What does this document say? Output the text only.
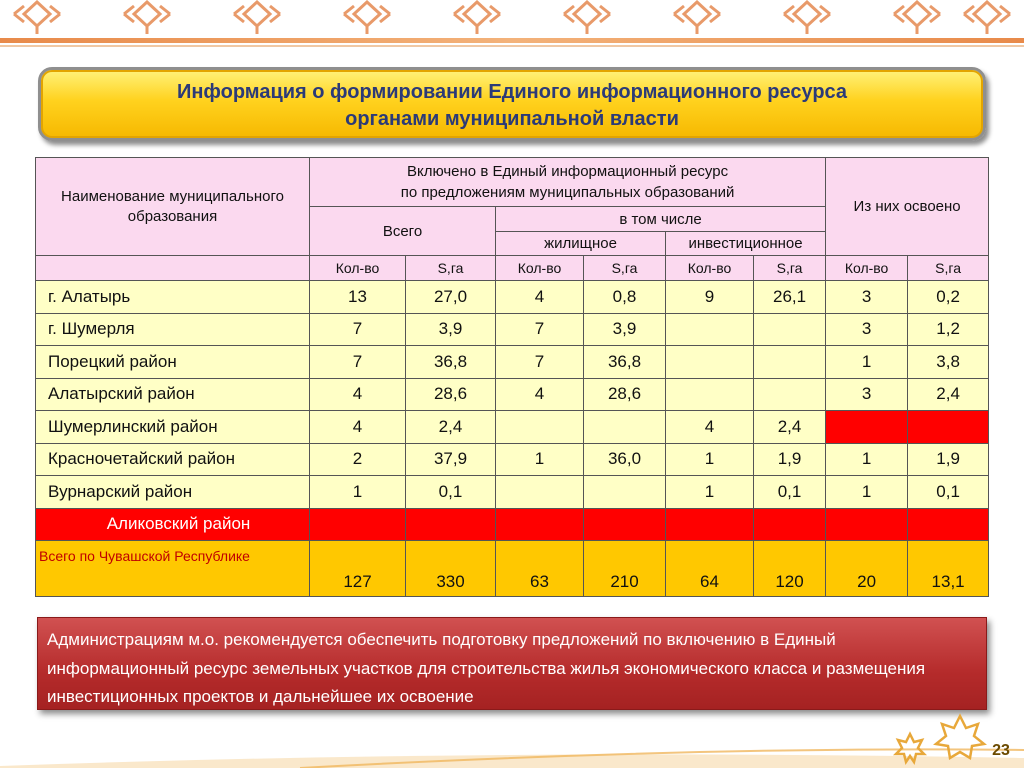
Информация о формировании Единого информационного ресурса
органами муниципальной власти
Наименование муниципального образования	Включено в Единый информационный ресурс
по предложениям муниципальных образований						Из них освоено	
	Всего		в том числе					
			жилищное		инвестиционное			
	Кол-во	S,га	Кол-во	S,га	Кол-во	S,га	Кол-во	S,га
г. Алатырь	13	27,0	4	0,8	9	26,1	3	0,2
г. Шумерля	7	3,9	7	3,9			3	1,2
Порецкий район	7	36,8	7	36,8			1	3,8
Алатырский район	4	28,6	4	28,6			3	2,4
Шумерлинский район	4	2,4			4	2,4		
Красночетайский район	2	37,9	1	36,0	1	1,9	1	1,9
Вурнарский район	1	0,1			1	0,1	1	0,1
Аликовский район								
Всего по Чувашской Республике	127	330	63	210	64	120	20	13,1
Администрациям м.о. рекомендуется обеспечить подготовку предложений по включению в Единый информационный ресурс земельных участков для строительства жилья экономического класса и размещения инвестиционных проектов и дальнейшее их освоение
23
